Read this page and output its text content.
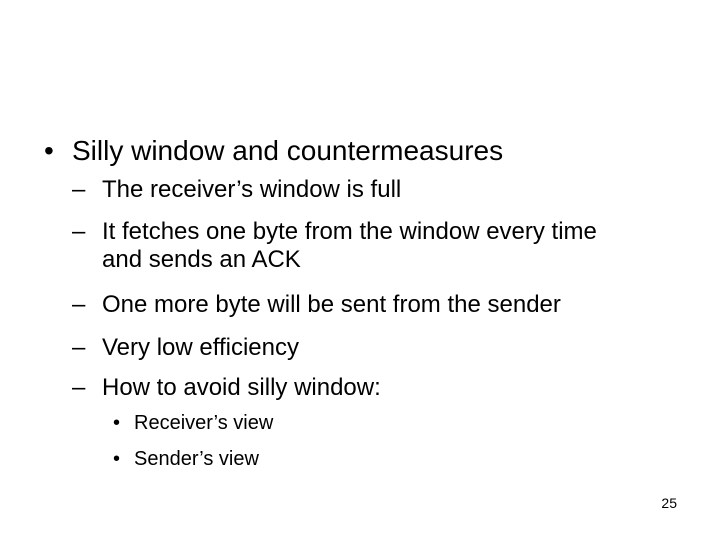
• Silly window and countermeasures
– The receiver’s window is full
– It fetches one byte from the window every time
and sends an ACK
– One more byte will be sent from the sender
– Very low efficiency
– How to avoid silly window:
• Receiver’s view
• Sender’s view
25
